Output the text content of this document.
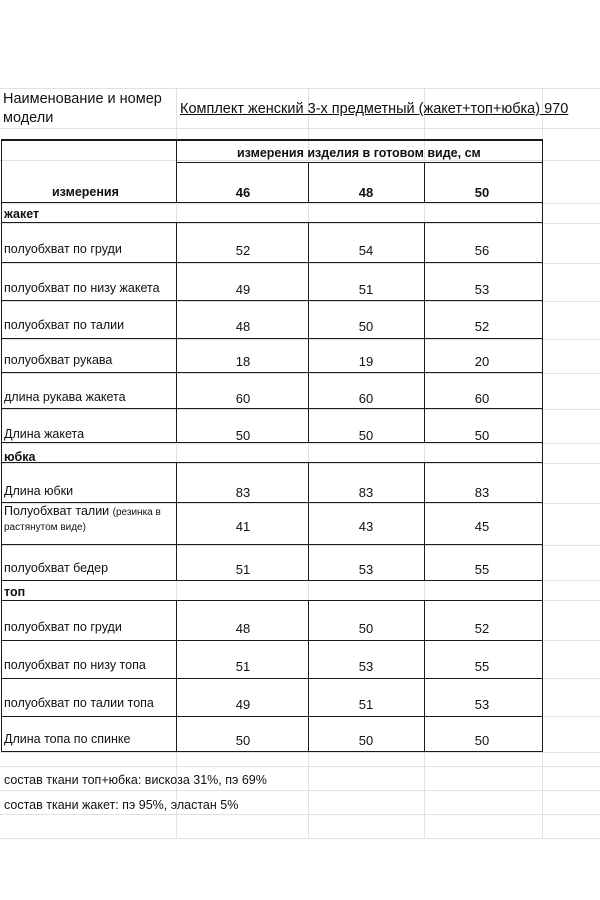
Наименование и номер
модели
Комплект женский 3-х предметный (жакет+топ+юбка) 970
измерения изделия в готовом виде, см
измерения	46	48	50
жакет
полуобхват по груди	52	54	56
полуобхват по низу жакета	49	51	53
полуобхват по талии	48	50	52
полуобхват рукава	18	19	20
длина рукава жакета	60	60	60
Длина жакета	50	50	50
юбка
Длина юбки	83	83	83
Полуобхват талии (резинка в
растянутом виде)	41	43	45
полуобхват бедер	51	53	55
топ
полуобхват по груди	48	50	52
полуобхват по низу топа	51	53	55
полуобхват по талии топа	49	51	53
Длина топа по спинке	50	50	50
состав ткани топ+юбка: вискоза 31%, пэ 69%
состав ткани жакет: пэ 95%, эластан 5%
